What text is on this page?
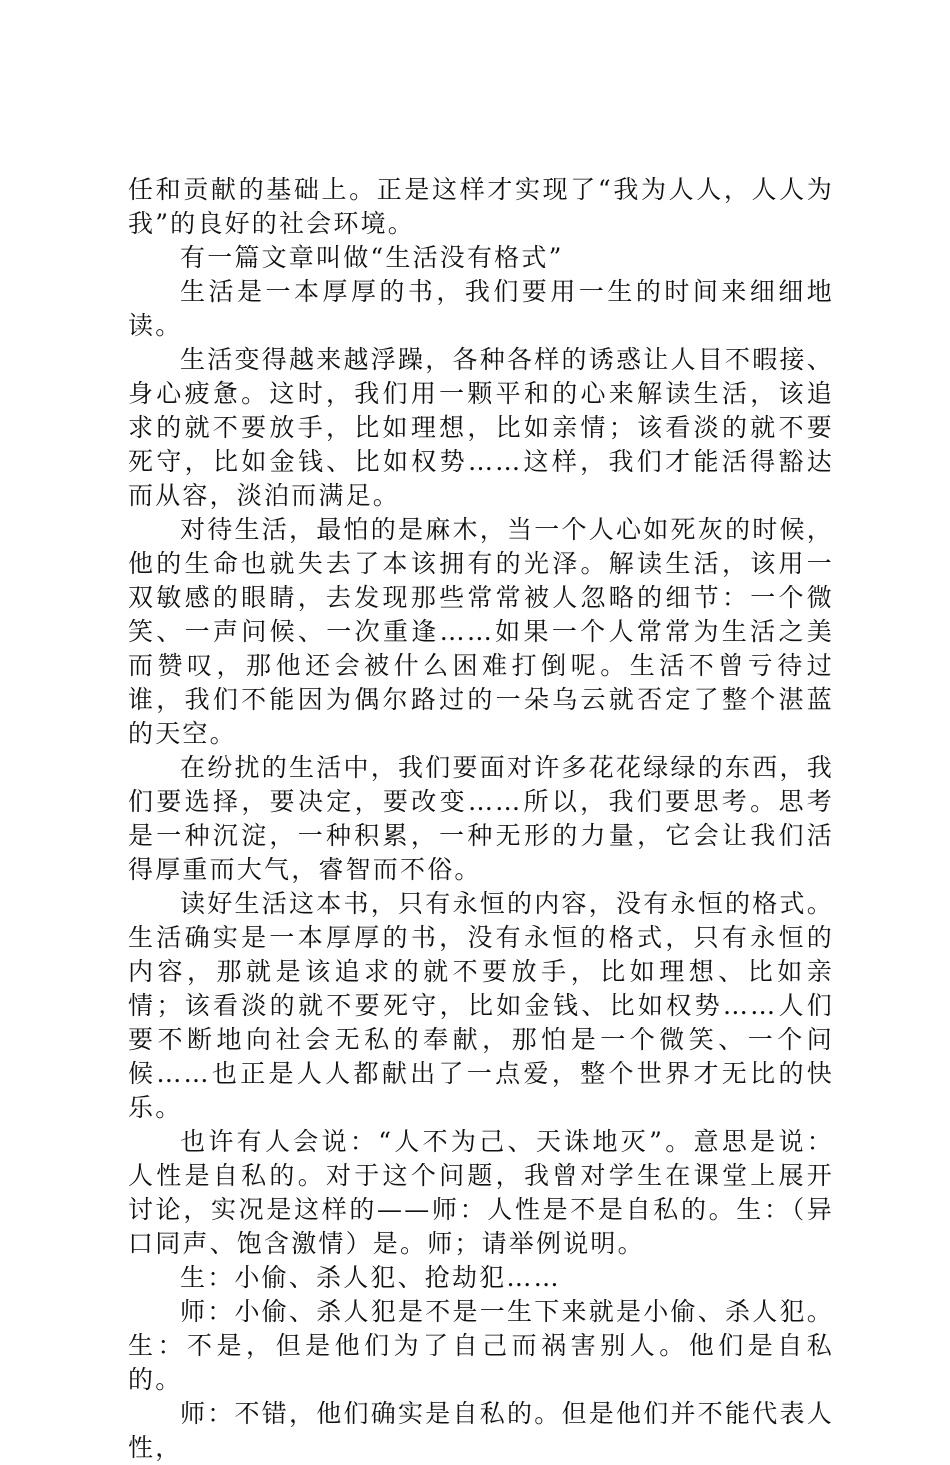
任和贡献的基础上。正是这样才实现了“我为人人，人人为我”的良好的社会环境。

有一篇文章叫做“生活没有格式”

生活是一本厚厚的书，我们要用一生的时间来细细地读。

生活变得越来越浮躁，各种各样的诱惑让人目不暇接、身心疲惫。这时，我们用一颗平和的心来解读生活，该追求的就不要放手，比如理想，比如亲情；该看淡的就不要死守，比如金钱、比如权势……这样，我们才能活得豁达而从容，淡泊而满足。

对待生活，最怕的是麻木，当一个人心如死灰的时候，他的生命也就失去了本该拥有的光泽。解读生活，该用一双敏感的眼睛，去发现那些常常被人忽略的细节：一个微笑、一声问候、一次重逢……如果一个人常常为生活之美而赞叹，那他还会被什么困难打倒呢。生活不曾亏待过谁，我们不能因为偶尔路过的一朵乌云就否定了整个湛蓝的天空。

在纷扰的生活中，我们要面对许多花花绿绿的东西，我们要选择，要决定，要改变……所以，我们要思考。思考是一种沉淀，一种积累，一种无形的力量，它会让我们活得厚重而大气，睿智而不俗。

读好生活这本书，只有永恒的内容，没有永恒的格式。生活确实是一本厚厚的书，没有永恒的格式，只有永恒的内容，那就是该追求的就不要放手，比如理想、比如亲情；该看淡的就不要死守，比如金钱、比如权势……人们要不断地向社会无私的奉献，那怕是一个微笑、一个问候……也正是人人都献出了一点爱，整个世界才无比的快乐。

也许有人会说：“人不为己、天诛地灭”。意思是说：人性是自私的。对于这个问题，我曾对学生在课堂上展开讨论，实况是这样的——师：人性是不是自私的。生：（异口同声、饱含激情）是。师；请举例说明。

生：小偷、杀人犯、抢劫犯……

师：小偷、杀人犯是不是一生下来就是小偷、杀人犯。生：不是，但是他们为了自己而祸害别人。他们是自私的。

师：不错，他们确实是自私的。但是他们并不能代表人性，
